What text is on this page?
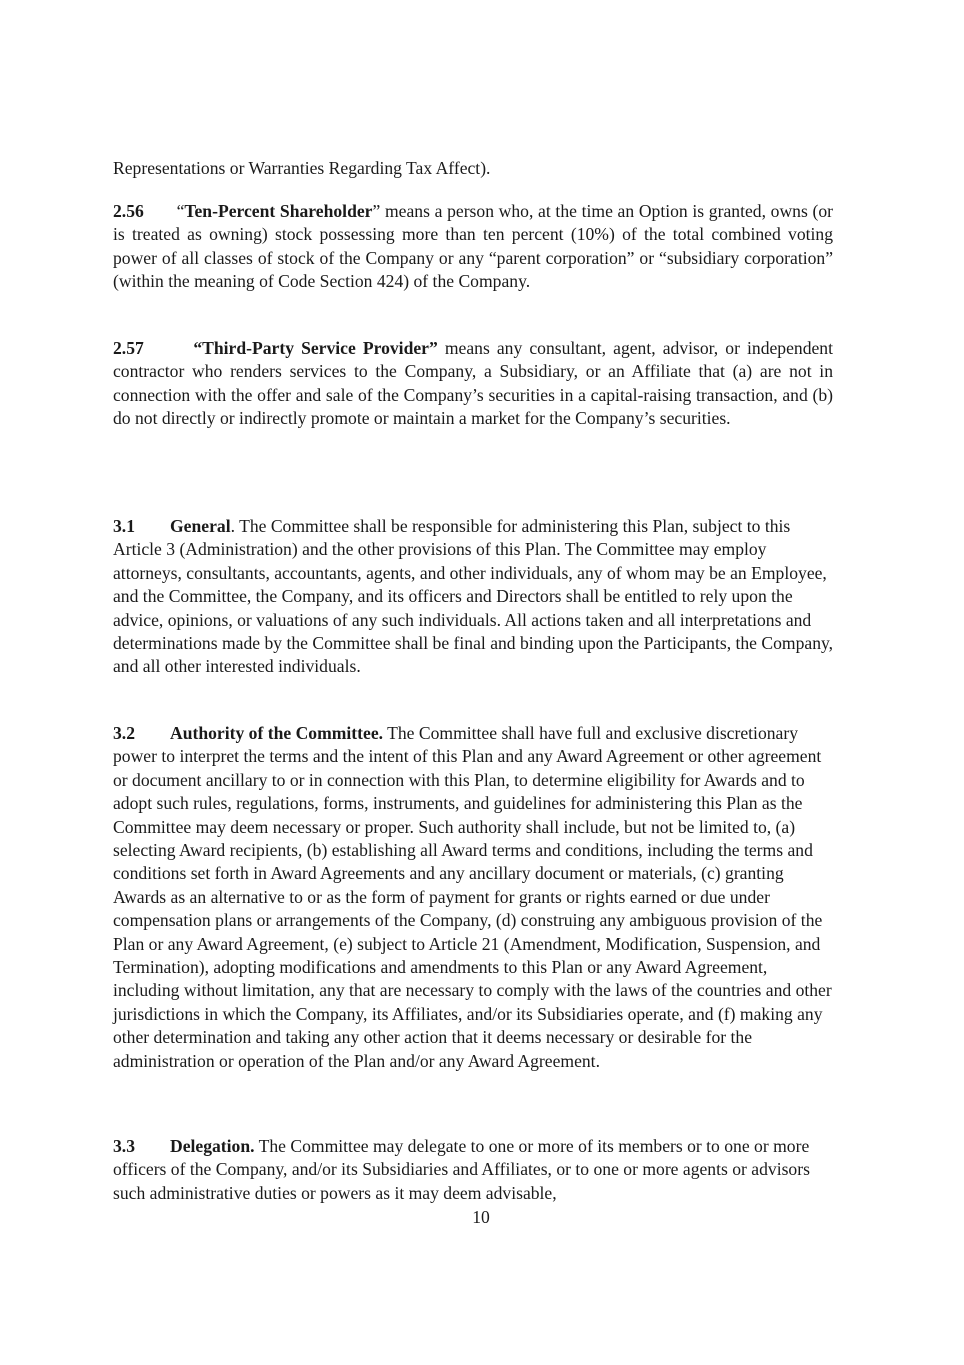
Representations or Warranties Regarding Tax Affect).
2.56 “Ten-Percent Shareholder” means a person who, at the time an Option is granted, owns (or is treated as owning) stock possessing more than ten percent (10%) of the total combined voting power of all classes of stock of the Company or any “parent corporation” or “subsidiary corporation” (within the meaning of Code Section 424) of the Company.
2.57	“Third-Party Service Provider” means any consultant, agent, advisor, or independent contractor who renders services to the Company, a Subsidiary, or an Affiliate that (a) are not in connection with the offer and sale of the Company’s securities in a capital-raising transaction, and (b) do not directly or indirectly promote or maintain a market for the Company’s securities.
3.1 General. The Committee shall be responsible for administering this Plan, subject to this Article 3 (Administration) and the other provisions of this Plan. The Committee may employ attorneys, consultants, accountants, agents, and other individuals, any of whom may be an Employee, and the Committee, the Company, and its officers and Directors shall be entitled to rely upon the advice, opinions, or valuations of any such individuals. All actions taken and all interpretations and determinations made by the Committee shall be final and binding upon the Participants, the Company, and all other interested individuals.
3.2 Authority of the Committee. The Committee shall have full and exclusive discretionary power to interpret the terms and the intent of this Plan and any Award Agreement or other agreement or document ancillary to or in connection with this Plan, to determine eligibility for Awards and to adopt such rules, regulations, forms, instruments, and guidelines for administering this Plan as the Committee may deem necessary or proper. Such authority shall include, but not be limited to, (a) selecting Award recipients, (b) establishing all Award terms and conditions, including the terms and conditions set forth in Award Agreements and any ancillary document or materials, (c) granting Awards as an alternative to or as the form of payment for grants or rights earned or due under compensation plans or arrangements of the Company, (d) construing any ambiguous provision of the Plan or any Award Agreement, (e) subject to Article 21 (Amendment, Modification, Suspension, and Termination), adopting modifications and amendments to this Plan or any Award Agreement, including without limitation, any that are necessary to comply with the laws of the countries and other jurisdictions in which the Company, its Affiliates, and/or its Subsidiaries operate, and (f) making any other determination and taking any other action that it deems necessary or desirable for the administration or operation of the Plan and/or any Award Agreement.
3.3 Delegation. The Committee may delegate to one or more of its members or to one or more officers of the Company, and/or its Subsidiaries and Affiliates, or to one or more agents or advisors such administrative duties or powers as it may deem advisable,
10
